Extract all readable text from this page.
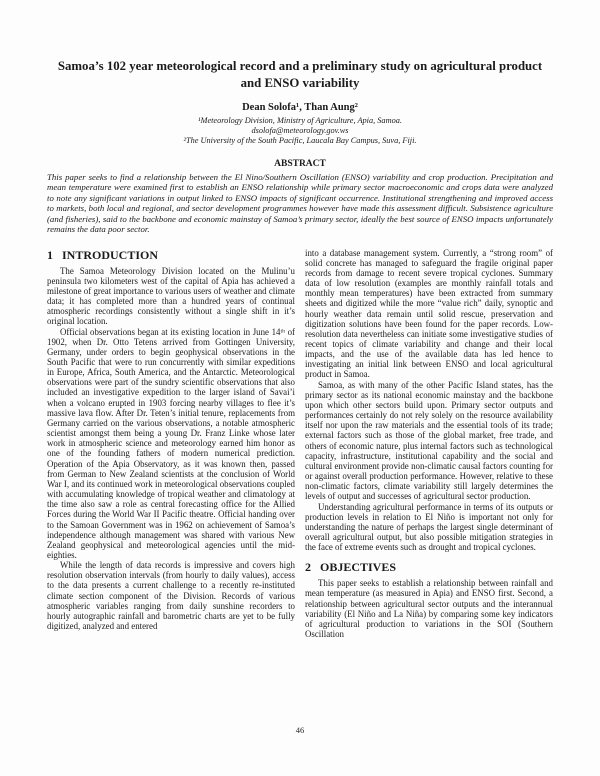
Samoa’s 102 year meteorological record and a preliminary study on agricultural product and ENSO variability
Dean Solofa¹, Than Aung²
¹Meteorology Division, Ministry of Agriculture, Apia, Samoa.
dsolofa@meteorology.gov.ws
²The University of the South Pacific, Laucala Bay Campus, Suva, Fiji.
ABSTRACT

This paper seeks to find a relationship between the El Nino/Southern Oscillation (ENSO) variability and crop production. Precipitation and mean temperature were examined first to establish an ENSO relationship while primary sector macroeconomic and crops data were analyzed to note any significant variations in output linked to ENSO impacts of significant occurrence. Institutional strengthening and improved access to markets, both local and regional, and sector development programmes however have made this assessment difficult. Subsistence agriculture (and fisheries), said to the backbone and economic mainstay of Samoa’s primary sector, ideally the best source of ENSO impacts unfortunately remains the data poor sector.

1 INTRODUCTION

The Samoa Meteorology Division located on the Mulinu’u peninsula two kilometers west of the capital of Apia has achieved a milestone of great importance to various users of weather and climate data; it has completed more than a hundred years of continual atmospheric recordings consistently without a single shift in it’s original location.

Official observations began at its existing location in June 14ᵗʰ of 1902, when Dr. Otto Tetens arrived from Gottingen University, Germany, under orders to begin geophysical observations in the South Pacific that were to run concurrently with similar expeditions in Europe, Africa, South America, and the Antarctic. Meteorological observations were part of the sundry scientific observations that also included an investigative expedition to the larger island of Savai’i when a volcano erupted in 1903 forcing nearby villages to flee it’s massive lava flow. After Dr. Teten’s initial tenure, replacements from Germany carried on the various observations, a notable atmospheric scientist amongst them being a young Dr. Franz Linke whose later work in atmospheric science and meteorology earned him honor as one of the founding fathers of modern numerical prediction. Operation of the Apia Observatory, as it was known then, passed from German to New Zealand scientists at the conclusion of World War I, and its continued work in meteorological observations coupled with accumulating knowledge of tropical weather and climatology at the time also saw a role as central forecasting office for the Allied Forces during the World War II Pacific theatre. Official handing over to the Samoan Government was in 1962 on achievement of Samoa’s independence although management was shared with various New Zealand geophysical and meteorological agencies until the mid-eighties.

While the length of data records is impressive and covers high resolution observation intervals (from hourly to daily values), access to the data presents a current challenge to a recently re-instituted climate section component of the Division. Records of various atmospheric variables ranging from daily sunshine recorders to hourly autographic rainfall and barometric charts are yet to be fully digitized, analyzed and entered

into a database management system. Currently, a “strong room” of solid concrete has managed to safeguard the fragile original paper records from damage to recent severe tropical cyclones. Summary data of low resolution (examples are monthly rainfall totals and monthly mean temperatures) have been extracted from summary sheets and digitized while the more “value rich” daily, synoptic and hourly weather data remain until solid rescue, preservation and digitization solutions have been found for the paper records. Low-resolution data nevertheless can initiate some investigative studies of recent topics of climate variability and change and their local impacts, and the use of the available data has led hence to investigating an initial link between ENSO and local agricultural product in Samoa.

Samoa, as with many of the other Pacific Island states, has the primary sector as its national economic mainstay and the backbone upon which other sectors build upon. Primary sector outputs and performances certainly do not rely solely on the resource availability itself nor upon the raw materials and the essential tools of its trade; external factors such as those of the global market, free trade, and others of economic nature, plus internal factors such as technological capacity, infrastructure, institutional capability and the social and cultural environment provide non-climatic causal factors counting for or against overall production performance. However, relative to these non-climatic factors, climate variability still largely determines the levels of output and successes of agricultural sector production.

Understanding agricultural performance in terms of its outputs or production levels in relation to El Niño is important not only for understanding the nature of perhaps the largest single determinant of overall agricultural output, but also possible mitigation strategies in the face of extreme events such as drought and tropical cyclones.

2 OBJECTIVES

This paper seeks to establish a relationship between rainfall and mean temperature (as measured in Apia) and ENSO first. Second, a relationship between agricultural sector outputs and the interannual variability (El Niño and La Niña) by comparing some key indicators of agricultural production to variations in the SOI (Southern Oscillation

46
